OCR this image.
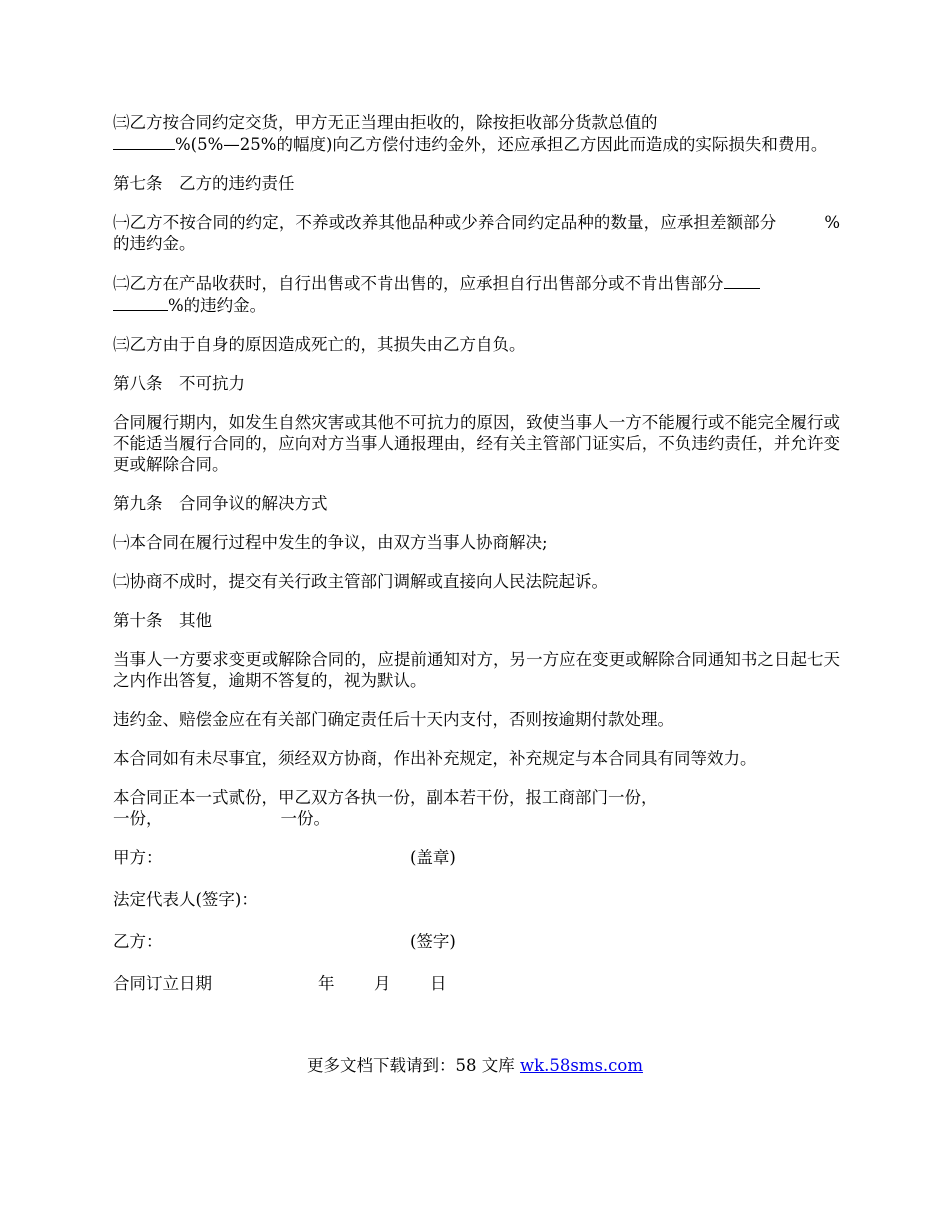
㈢乙方按合同约定交货，甲方无正当理由拒收的，除按拒收部分货款总值的
%(5%—25%的幅度)向乙方偿付违约金外，还应承担乙方因此而造成的实际损失和费用。

第七条　乙方的违约责任

㈠乙方不按合同的约定，不养或改养其他品种或少养合同约定品种的数量，应承担差额部分	%的违约金。

㈡乙方在产品收获时，自行出售或不肯出售的，应承担自行出售部分或不肯出售部分
%的违约金。

㈢乙方由于自身的原因造成死亡的，其损失由乙方自负。

第八条　不可抗力

合同履行期内，如发生自然灾害或其他不可抗力的原因，致使当事人一方不能履行或不能完全履行或不能适当履行合同的，应向对方当事人通报理由，经有关主管部门证实后，不负违约责任，并允许变更或解除合同。

第九条　合同争议的解决方式

㈠本合同在履行过程中发生的争议，由双方当事人协商解决;

㈡协商不成时，提交有关行政主管部门调解或直接向人民法院起诉。

第十条　其他

当事人一方要求变更或解除合同的，应提前通知对方，另一方应在变更或解除合同通知书之日起七天之内作出答复，逾期不答复的，视为默认。

违约金、赔偿金应在有关部门确定责任后十天内支付，否则按逾期付款处理。

本合同如有未尽事宜，须经双方协商，作出补充规定，补充规定与本合同具有同等效力。

本合同正本一式贰份，甲乙双方各执一份，副本若干份，报工商部门一份，
一份，	一份。

甲方：	(盖章)
法定代表人(签字)：
乙方：	(签字)
合同订立日期	年 月 日
更多文档下载请到：58 文库 wk.58sms.com
